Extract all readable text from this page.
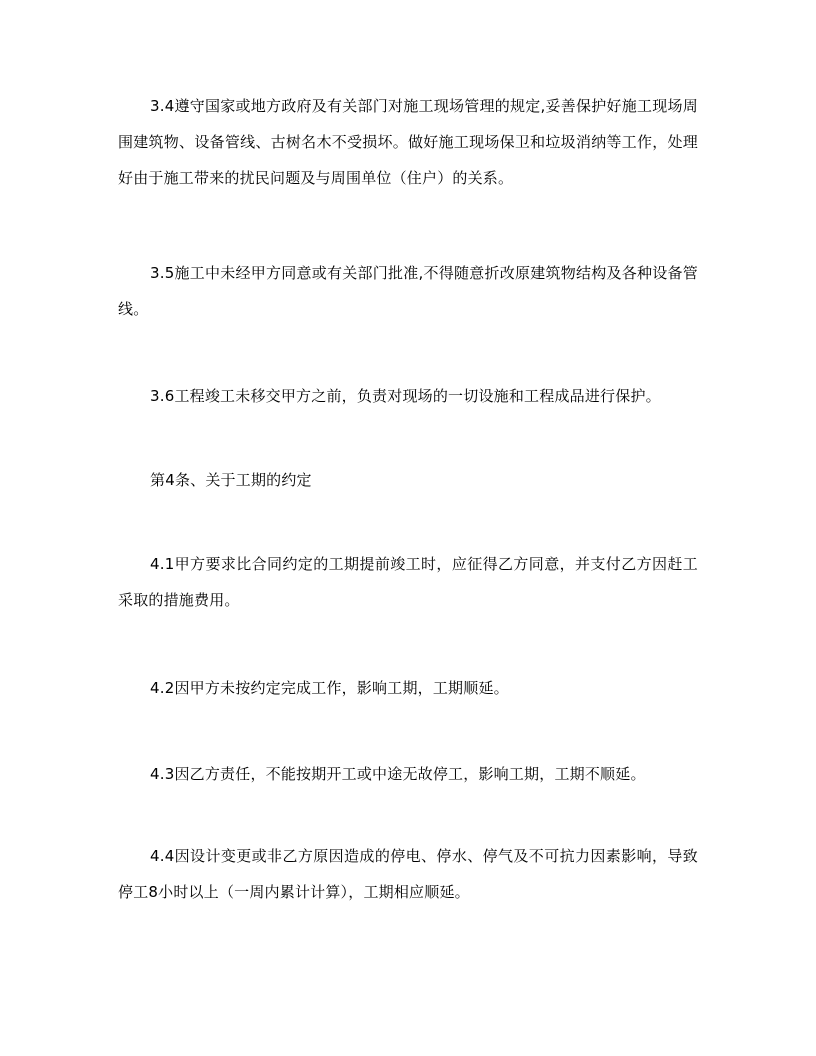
3.4遵守国家或地方政府及有关部门对施工现场管理的规定,妥善保护好施工现场周围建筑物、设备管线、古树名木不受损坏。做好施工现场保卫和垃圾消纳等工作，处理好由于施工带来的扰民问题及与周围单位（住户）的关系。

3.5施工中未经甲方同意或有关部门批准,不得随意折改原建筑物结构及各种设备管线。

3.6工程竣工未移交甲方之前，负责对现场的一切设施和工程成品进行保护。

第4条、关于工期的约定

4.1甲方要求比合同约定的工期提前竣工时，应征得乙方同意，并支付乙方因赶工采取的措施费用。

4.2因甲方未按约定完成工作，影响工期，工期顺延。

4.3因乙方责任，不能按期开工或中途无故停工，影响工期，工期不顺延。

4.4因设计变更或非乙方原因造成的停电、停水、停气及不可抗力因素影响，导致停工8小时以上（一周内累计计算），工期相应顺延。
